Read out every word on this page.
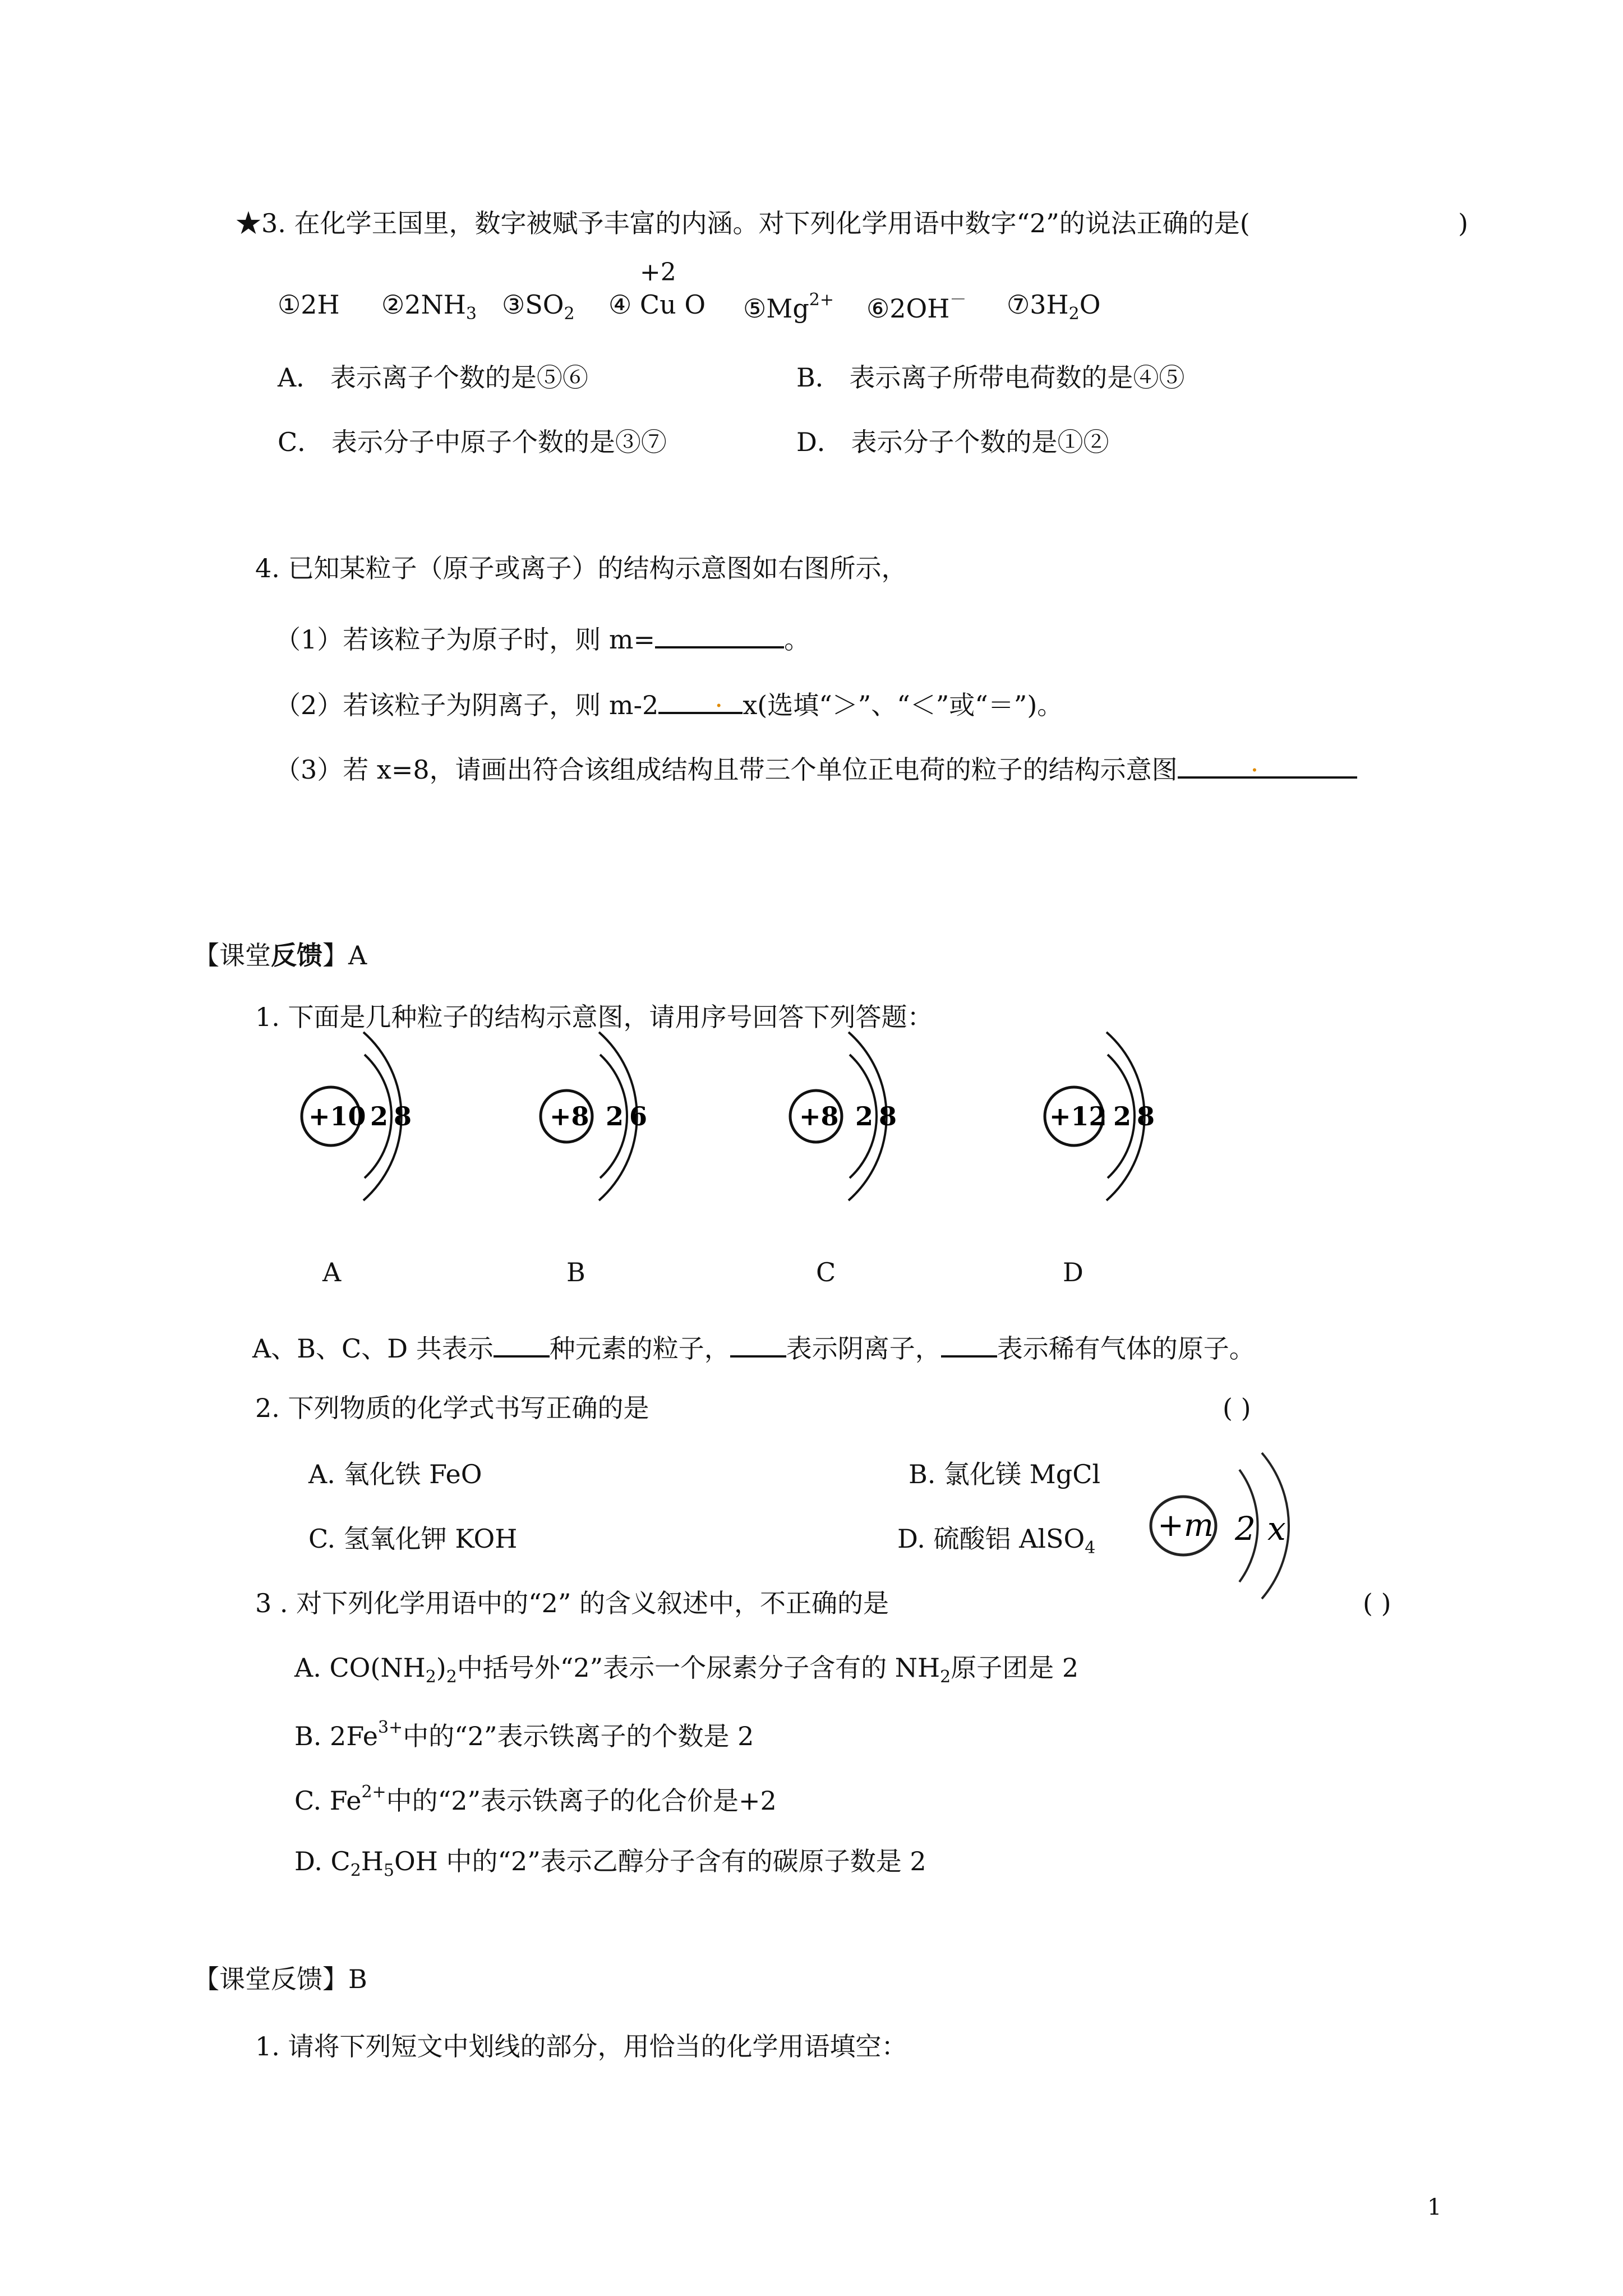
★3. 在化学王国里，数字被赋予丰富的内涵。对下列化学用语中数字“2”的说法正确的是(	)
①2H $②2NH_3$ $③SO_2$ ④
+2
Cu O $⑤Mg^{2+}$ ⑥2OH－ $⑦3H_2O$
A． 表示离子个数的是⑤⑥	B． 表示离子所带电荷数的是④⑤
C． 表示分子中原子个数的是③⑦	D． 表示分子个数的是①②
4. 已知某粒子（原子或离子）的结构示意图如右图所示，
（1）若该粒子为原子时，则 m=	。
（2）若该粒子为阴离子，则 m-2 . x(选填“＞”、“＜”或“＝”)。
（3）若 x=8，请画出符合该组成结构且带三个单位正电荷的粒子的结构示意图	.
【课堂反馈】A
1. 下面是几种粒子的结构示意图，请用序号回答下列答题：
+10 2 8	+8 2 6	+8 2 8	+12 2 8
A	B	C	D
A、B、C、D 共表示 种元素的粒子， 表示阴离子， 表示稀有气体的原子。
2. 下列物质的化学式书写正确的是	( )
A. 氧化铁 FeO	B. 氯化镁 MgCl
C. 氢氧化钾 KOH	D. 硫酸铝 AlSO$_4$
+m 2 x
3 . 对下列化学用语中的“2” 的含义叙述中，不正确的是	( )
A. $CO(NH_2)_2$中括号外“2”表示一个尿素分子含有的 $NH_2$原子团是 2
B. $2Fe^{3+}$中的“2”表示铁离子的个数是 2
C. $Fe^{2+}$中的“2”表示铁离子的化合价是+2
D. $C_2H_5OH$ 中的“2”表示乙醇分子含有的碳原子数是 2
【课堂反馈】B
1. 请将下列短文中划线的部分，用恰当的化学用语填空：
1
